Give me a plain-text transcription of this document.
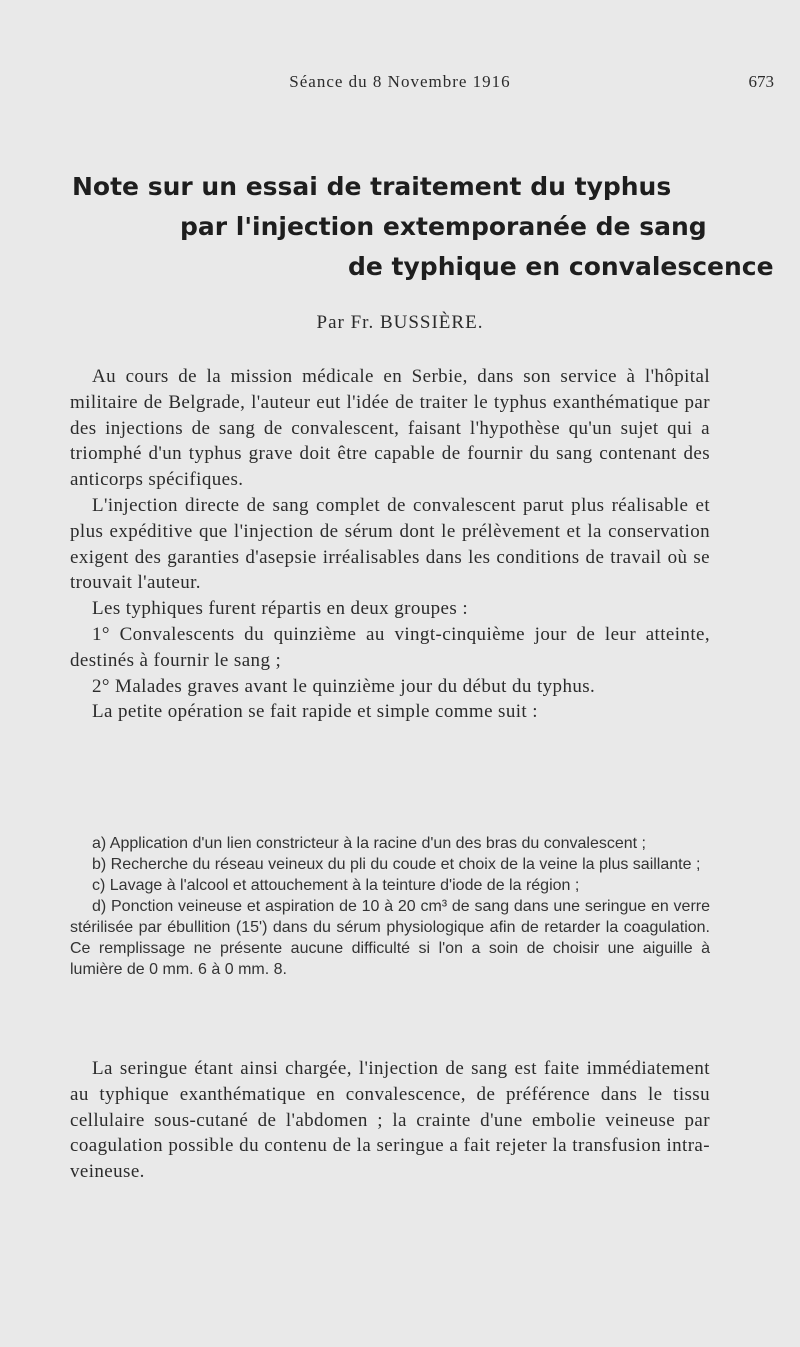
Séance du 8 Novembre 1916	673
Note sur un essai de traitement du typhus
par l'injection extemporanée de sang
de typhique en convalescence
Par Fr. BUSSIÈRE.

Au cours de la mission médicale en Serbie, dans son service à l'hôpital militaire de Belgrade, l'auteur eut l'idée de traiter le typhus exanthématique par des injections de sang de convalescent, faisant l'hypothèse qu'un sujet qui a triomphé d'un typhus grave doit être capable de fournir du sang contenant des anticorps spécifiques.

L'injection directe de sang complet de convalescent parut plus réalisable et plus expéditive que l'injection de sérum dont le prélèvement et la conservation exigent des garanties d'asepsie irréalisables dans les conditions de travail où se trouvait l'auteur.

Les typhiques furent répartis en deux groupes :

1° Convalescents du quinzième au vingt-cinquième jour de leur atteinte, destinés à fournir le sang ;

2° Malades graves avant le quinzième jour du début du typhus.

La petite opération se fait rapide et simple comme suit :

a) Application d'un lien constricteur à la racine d'un des bras du convalescent ;

b) Recherche du réseau veineux du pli du coude et choix de la veine la plus saillante ;

c) Lavage à l'alcool et attouchement à la teinture d'iode de la région ;

d) Ponction veineuse et aspiration de 10 à 20 cm³ de sang dans une seringue en verre stérilisée par ébullition (15') dans du sérum physiologique afin de retarder la coagulation. Ce remplissage ne présente aucune difficulté si l'on a soin de choisir une aiguille à lumière de 0 mm. 6 à 0 mm. 8.

La seringue étant ainsi chargée, l'injection de sang est faite immédiatement au typhique exanthématique en convalescence, de préférence dans le tissu cellulaire sous-cutané de l'abdomen ; la crainte d'une embolie veineuse par coagulation possible du contenu de la seringue a fait rejeter la transfusion intra-veineuse.
